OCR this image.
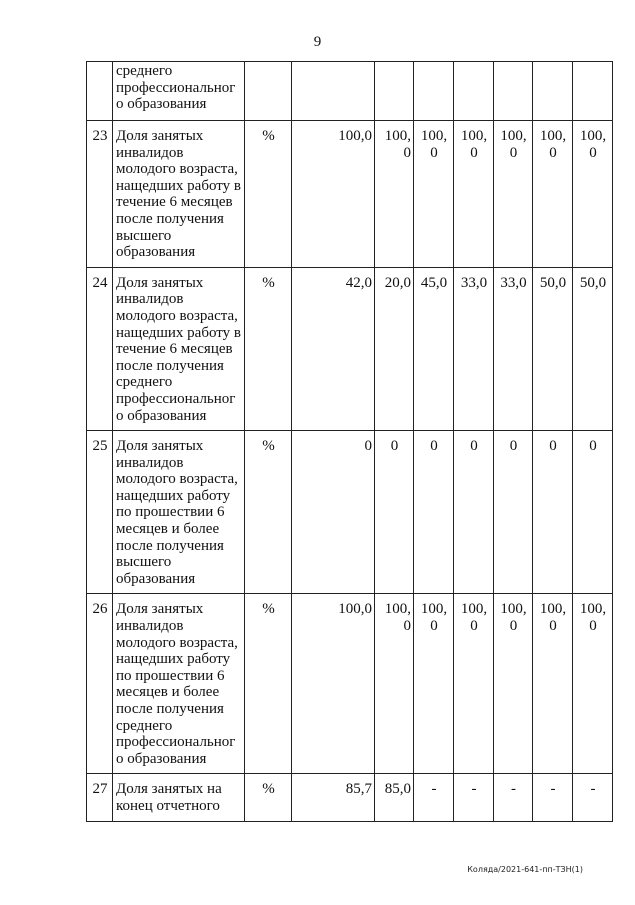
9
	среднего профессионального образования								
23	Доля занятых инвалидов молодого возраста, нащедших работу в течение 6 месяцев после получения высшего образования	%	100,0	100,0	100, 0	100, 0	100, 0	100, 0	100, 0
24	Доля занятых инвалидов молодого возраста, нащедших работу в течение 6 месяцев после получения среднего профессионального образования	%	42,0	20,0	45,0	33,0	33,0	50,0	50,0
25	Доля занятых инвалидов молодого возраста, нащедших работу по прошествии 6 месяцев и более после получения высшего образования	%	0	0	0	0	0	0	0
26	Доля занятых инвалидов молодого возраста, нащедших работу по прошествии 6 месяцев и более после получения среднего профессионального образования	%	100,0	100,0	100, 0	100, 0	100, 0	100, 0	100, 0
27	Доля занятых на конец отчетного	%	85,7	85,0	-	-	-	-	-
Коляда/2021-641-пп-ТЗН(1)
